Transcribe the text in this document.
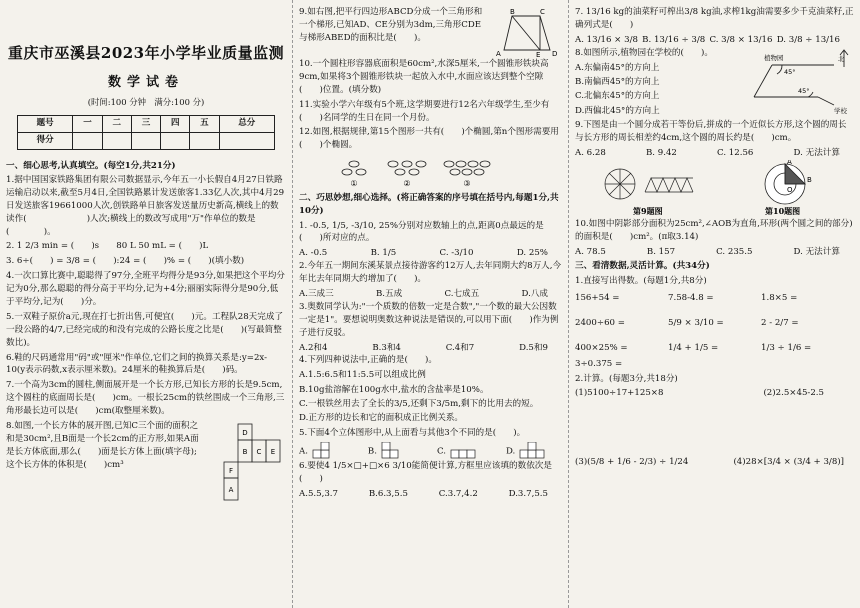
重庆市巫溪县2023年小学毕业质量监测
数学试卷
(时间:100 分钟　满分:100 分)
题号	一	二	三	四	五	总分
得分						

一、细心思考,认真填空。(每空1分,共21分)

1.据中国国家铁路集团有限公司数据显示,今年五一小长假自4月27日铁路运输启动以来,截至5月4日,全国铁路累计发送旅客1.33亿人次,其中4月29日发送旅客19661000人次,创铁路单日旅客发送量历史新高,横线上的数读作(　　　　　　　)人次;横线上的数改写成用"万"作单位的数是(　　　　)。

2. 1 2/3 min = (　　)s　　80 L 50 mL = (　　)L

3. 6÷(　　) = 3/8 = (　　):24 = (　　)% = (　　)(填小数)

4.一次口算比赛中,聪聪得了97分,全班平均得分是93分,如果把这个平均分记为0分,那么聪聪的得分高于平均分,记为+4分;丽丽实际得分是90分,低于平均分,记为(　　)分。

5.一双鞋子原价a元,现在打七折出售,可便宜(　　)元。工程队28天完成了一段公路的4/7,已经完成的和没有完成的公路长度之比是(　　)(写最简整数比)。

6.鞋的尺码通常用"码"或"厘米"作单位,它们之间的换算关系是:y=2x-10(y表示码数,x表示厘米数)。24厘米的鞋换算后是(　　)码。

7.一个高为3cm的圆柱,侧面展开是一个长方形,已知长方形的长是9.5cm,这个圆柱的底面周长是(　　)cm。一根长25cm的铁丝围成一个三角形,三角形最长边可以是(　　)cm(取整厘米数)。

8.如图,一个长方体的展开图,已知C三个面的面积之和是30cm²,且B面是一个长2cm的正方形,如果A面是长方体底面,那么(　　)面是长方体上面(填字母);这个长方体的体积是(　　)cm³

D
B C E
F
A

9.如右图,把平行四边形ABCD分成一个三角形和一个梯形,已知AD、CE分别为3dm,三角形CDE与梯形ABED的面积比是(　　)。

B	C
A	E D

10.一个圆柱形容器底面积是60cm²,水深5厘米,一个圆锥形铁块高9cm,如果将3个圆锥形铁块一起放入水中,水面应该达到整个空隙(　　)位置。(填分数)

11.实验小学六年级有5个班,这学期要进行12名六年级学生,至少有(　　)名同学的生日在同一个月份。

12.如图,根据规律,第15个图形一共有(　　)个椭圆,第n个图形需要用(　　)个椭圆。

①	②	③

二、巧思妙想,细心选择。(将正确答案的序号填在括号内,每题1分,共10分)

1. -0.5, 1/5, -3/10, 25%分别对应数轴上的点,距离0点最远的是(　　)所对应的点。

A. -0.5	B. 1/5	C. -3/10	D. 25%

2.今年五一期间东溪某景点接待游客约12万人,去年同期大约8万人,今年比去年同期大约增加了(　　)。

A.三成三	B.五成	C.七成五	D.八成

3.奥数同学认为:"一个质数的倍数一定是合数","一个数的最大公因数一定是1"。要想说明奥数这种说法是错误的,可以用下面(　　)作为例子进行反驳。

A.2和4	B.3和4	C.4和7	D.5和9

4.下列四种说法中,正确的是(　　)。

A.1.5:6.5和11:5.5可以组成比例

B.10g盐溶解在100g水中,盐水的含盐率是10%。

C.一根铁丝用去了全长的3/5,还剩下3/5m,剩下的比用去的短。

D.正方形的边长和它的面积成正比例关系。

5.下面4个立体图形中,从上面看与其他3个不同的是(　　)。

A.	B.	C.	D.

6.要使4 1/5×□+□×6 3/10能简便计算,方框里应该填的数依次是(　　)

A.5.5,3.7	B.6.3,5.5	C.3.7,4.2	D.3.7,5.5

7. 13/16 kg的油菜籽可榨出3/8 kg油,求榨1kg油需要多少千克油菜籽,正确列式是(　　)

A. 13/16 × 3/8 B. 13/16 ÷ 3/8 C. 3/8 × 13/16 D. 3/8 ÷ 13/16

8.如图所示,植物园在学校的(　　)。

A.东偏南45°的方向上

B.南偏西45°的方向上

C.北偏东45°的方向上

D.西偏北45°的方向上

植物园
学校
北
45°
45°

9.下图是由一个圆分成若干等份后,拼成的一个近似长方形,这个圆的周长与长方形的周长相差约4cm,这个圆的周长约是(　　)cm。

A. 6.28	B. 9.42	C. 12.56	D. 无法计算
O
A
B
第9题图	第10题图

10.如图中阴影部分面积为25cm²,∠AOB为直角,环形(两个圆之间的部分)的面积是(　　)cm²。(π取3.14)

A. 78.5	B. 157	C. 235.5	D. 无法计算

三、看清数据,灵活计算。(共34分)

1.直接写出得数。(每题1分,共8分)

156+54 =	7.58-4.8 =	1.8×5 =
2400÷60 =	5/9 × 3/10 =	2 - 2/7 =
400×25% =	1/4 + 1/5 =	1/3 ÷ 1/6 =

3÷0.375 =

2.计算。(每题3分,共18分)

(1)5100÷17+125×8	(2)2.5×45-2.5
(3)(5/8 + 1/6 - 2/3) ÷ 1/24	(4)28×[3/4 × (3/4 + 3/8)]
